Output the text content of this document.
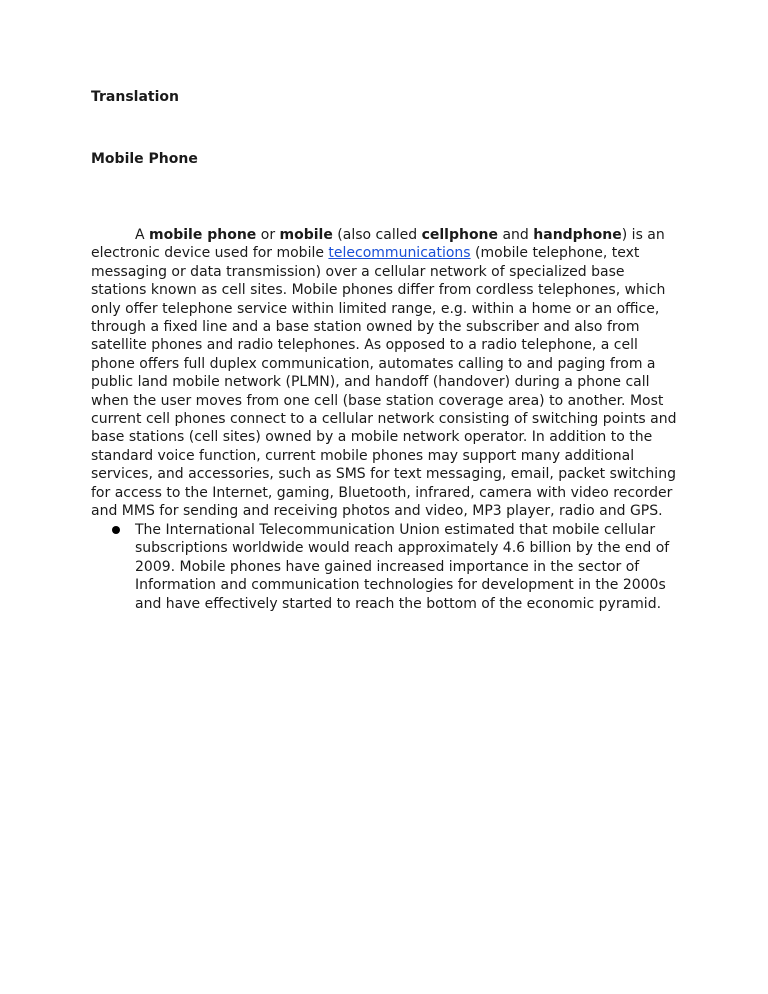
Translation
Mobile Phone

A mobile phone or mobile (also called cellphone and handphone) is an electronic device used for mobile telecommunications (mobile telephone, text messaging or data transmission) over a cellular network of specialized base stations known as cell sites. Mobile phones differ from cordless telephones, which only offer telephone service within limited range, e.g. within a home or an office, through a fixed line and a base station owned by the subscriber and also from satellite phones and radio telephones. As opposed to a radio telephone, a cell phone offers full duplex communication, automates calling to and paging from a public land mobile network (PLMN), and handoff (handover) during a phone call when the user moves from one cell (base station coverage area) to another. Most current cell phones connect to a cellular network consisting of switching points and base stations (cell sites) owned by a mobile network operator. In addition to the standard voice function, current mobile phones may support many additional services, and accessories, such as SMS for text messaging, email, packet switching for access to the Internet, gaming, Bluetooth, infrared, camera with video recorder and MMS for sending and receiving photos and video, MP3 player, radio and GPS.

The International Telecommunication Union estimated that mobile cellular subscriptions worldwide would reach approximately 4.6 billion by the end of 2009. Mobile phones have gained increased importance in the sector of Information and communication technologies for development in the 2000s and have effectively started to reach the bottom of the economic pyramid.
